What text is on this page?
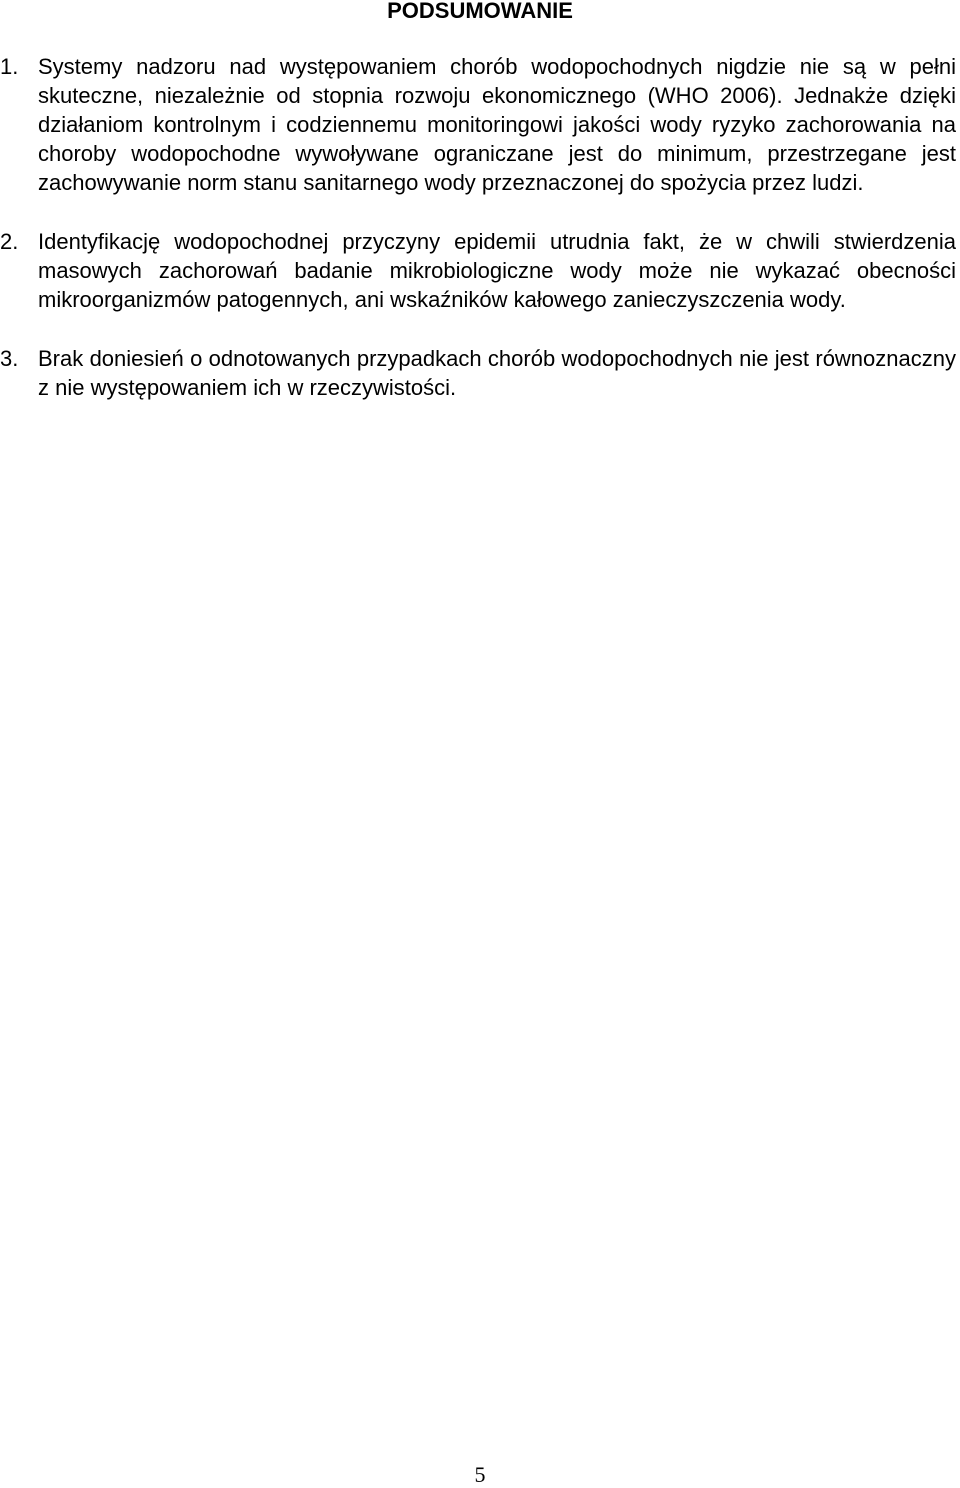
PODSUMOWANIE
1. Systemy nadzoru nad występowaniem chorób wodopochodnych nigdzie nie są w pełni skuteczne, niezależnie od stopnia rozwoju ekonomicznego (WHO 2006). Jednakże dzięki działaniom kontrolnym i codziennemu monitoringowi jakości wody ryzyko zachorowania na choroby wodopochodne wywoływane ograniczane jest do minimum, przestrzegane jest zachowywanie norm stanu sanitarnego wody przeznaczonej do spożycia przez ludzi.
2. Identyfikację wodopochodnej przyczyny epidemii utrudnia fakt, że w chwili stwierdzenia masowych zachorowań badanie mikrobiologiczne wody może nie wykazać obecności mikroorganizmów patogennych, ani wskaźników kałowego zanieczyszczenia wody.
3. Brak doniesień o odnotowanych przypadkach chorób wodopochodnych nie jest równoznaczny z nie występowaniem ich w rzeczywistości.
5
